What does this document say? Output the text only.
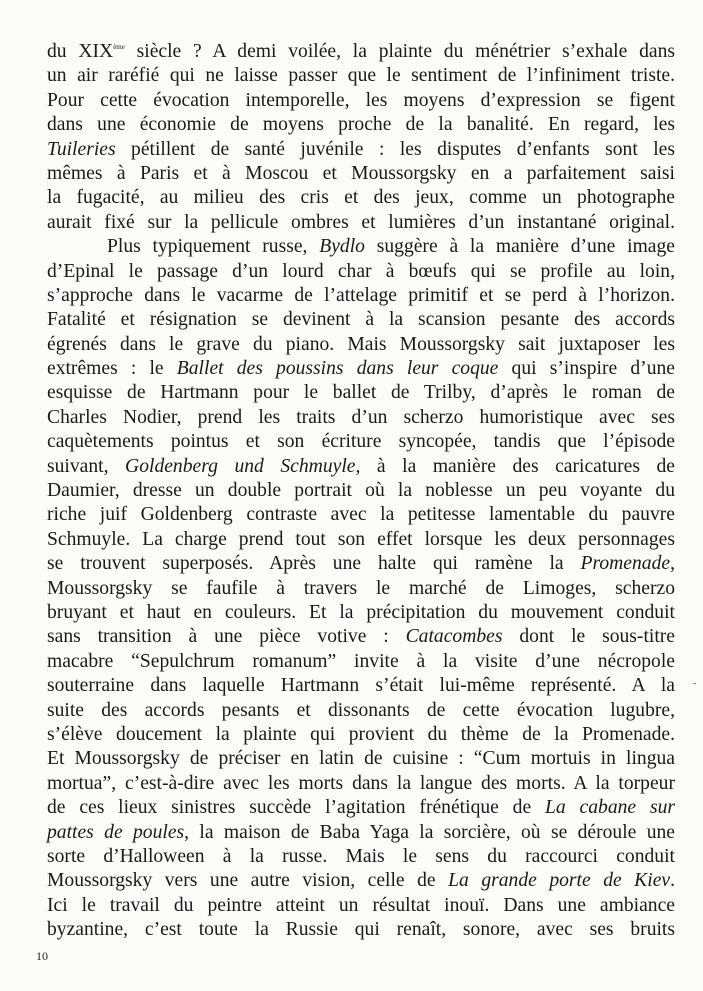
du XIXème siècle ? A demi voilée, la plainte du ménétrier s’exhale dans
un air raréfié qui ne laisse passer que le sentiment de l’infiniment triste.
Pour cette évocation intemporelle, les moyens d’expression se figent
dans une économie de moyens proche de la banalité. En regard, les
Tuileries pétillent de santé juvénile : les disputes d’enfants sont les
mêmes à Paris et à Moscou et Moussorgsky en a parfaitement saisi
la fugacité, au milieu des cris et des jeux, comme un photographe
aurait fixé sur la pellicule ombres et lumières d’un instantané original.
Plus typiquement russe, Bydlo suggère à la manière d’une image
d’Epinal le passage d’un lourd char à bœufs qui se profile au loin,
s’approche dans le vacarme de l’attelage primitif et se perd à l’horizon.
Fatalité et résignation se devinent à la scansion pesante des accords
égrenés dans le grave du piano. Mais Moussorgsky sait juxtaposer les
extrêmes : le Ballet des poussins dans leur coque qui s’inspire d’une
esquisse de Hartmann pour le ballet de Trilby, d’après le roman de
Charles Nodier, prend les traits d’un scherzo humoristique avec ses
caquètements pointus et son écriture syncopée, tandis que l’épisode
suivant, Goldenberg und Schmuyle, à la manière des caricatures de
Daumier, dresse un double portrait où la noblesse un peu voyante du
riche juif Goldenberg contraste avec la petitesse lamentable du pauvre
Schmuyle. La charge prend tout son effet lorsque les deux personnages
se trouvent superposés. Après une halte qui ramène la Promenade,
Moussorgsky se faufile à travers le marché de Limoges, scherzo
bruyant et haut en couleurs. Et la précipitation du mouvement conduit
sans transition à une pièce votive : Catacombes dont le sous-titre
macabre “Sepulchrum romanum” invite à la visite d’une nécropole
souterraine dans laquelle Hartmann s’était lui-même représenté. A la
suite des accords pesants et dissonants de cette évocation lugubre,
s’élève doucement la plainte qui provient du thème de la Promenade.
Et Moussorgsky de préciser en latin de cuisine : “Cum mortuis in lingua
mortua”, c’est-à-dire avec les morts dans la langue des morts. A la torpeur
de ces lieux sinistres succède l’agitation frénétique de La cabane sur
pattes de poules, la maison de Baba Yaga la sorcière, où se déroule une
sorte d’Halloween à la russe. Mais le sens du raccourci conduit
Moussorgsky vers une autre vision, celle de La grande porte de Kiev.
Ici le travail du peintre atteint un résultat inouï. Dans une ambiance
byzantine, c’est toute la Russie qui renaît, sonore, avec ses bruits
-
10
